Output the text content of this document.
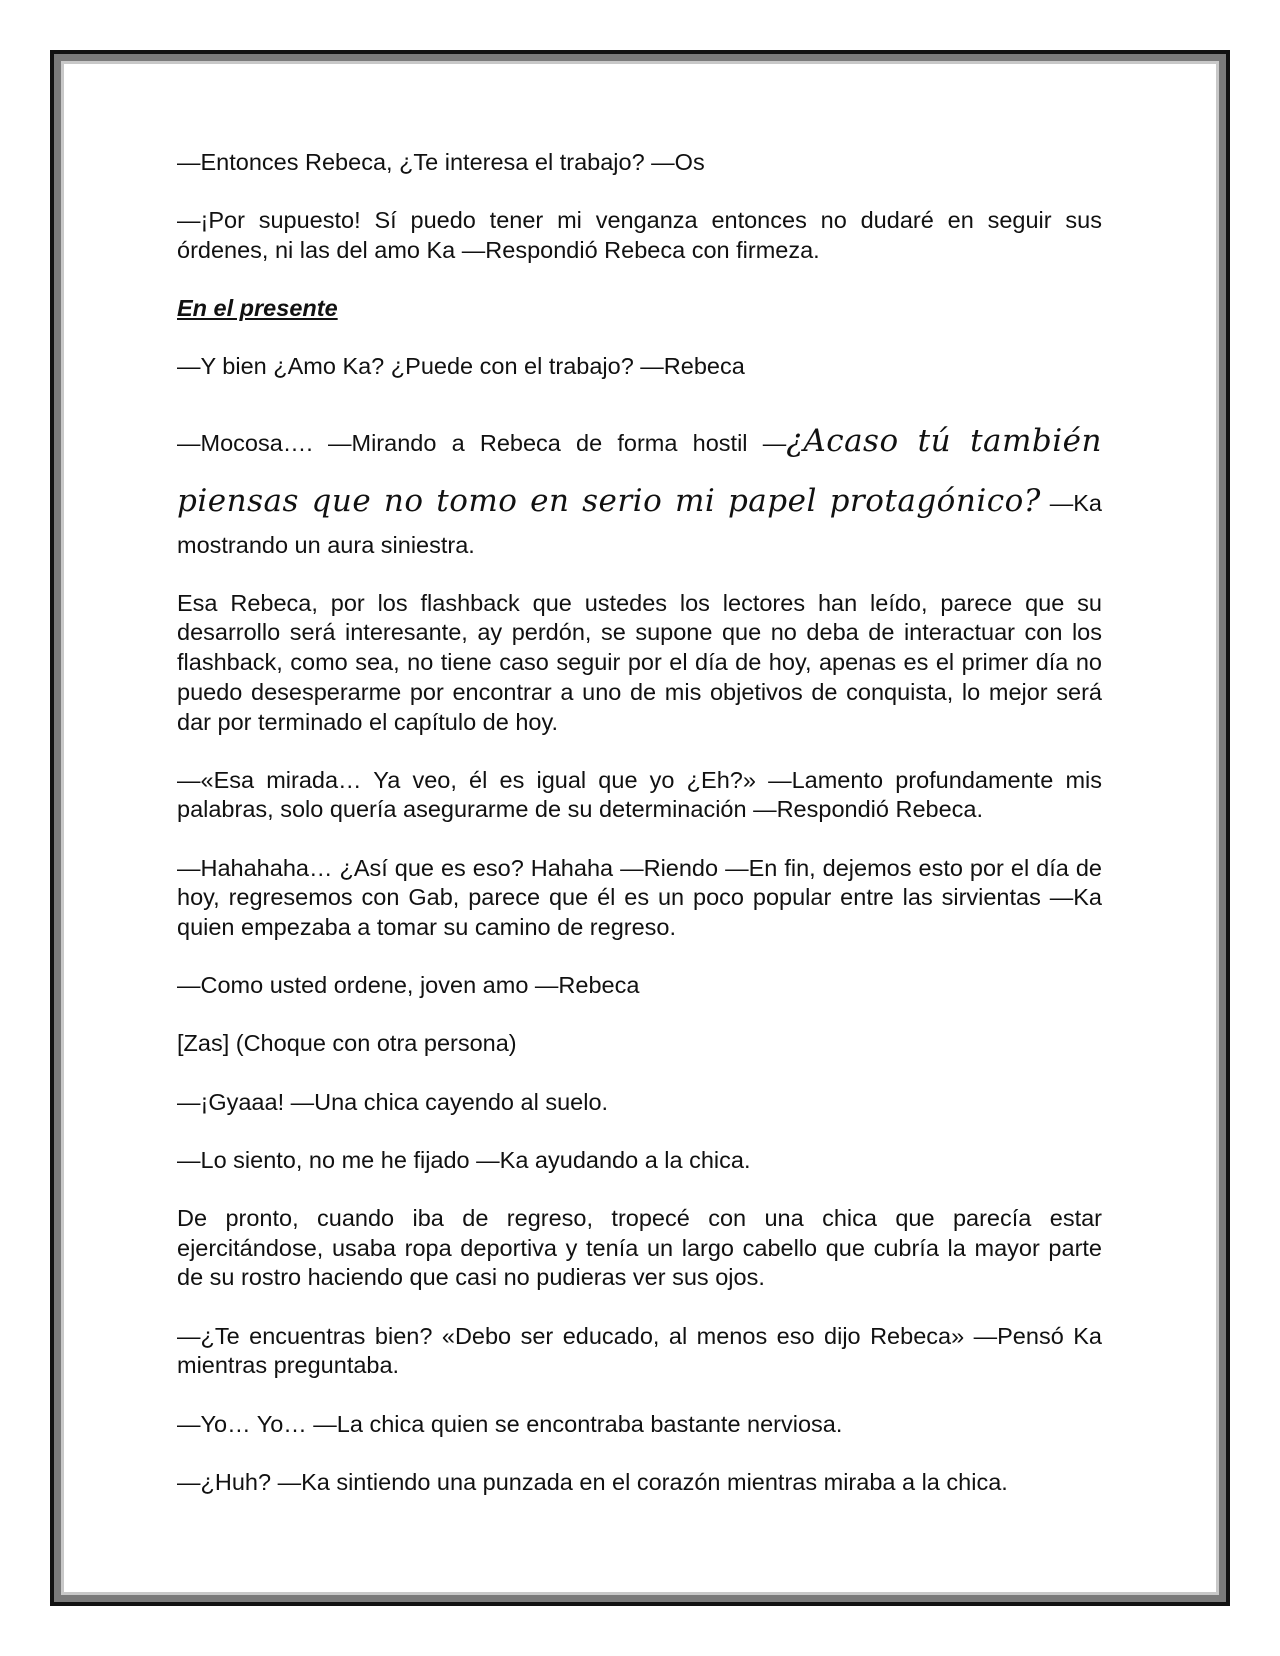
—Entonces Rebeca, ¿Te interesa el trabajo? —Os

—¡Por supuesto! Sí puedo tener mi venganza entonces no dudaré en seguir sus órdenes, ni las del amo Ka —Respondió Rebeca con firmeza.

En el presente

—Y bien ¿Amo Ka? ¿Puede con el trabajo? —Rebeca

—Mocosa…. —Mirando a Rebeca de forma hostil —¿Acaso tú también piensas que no tomo en serio mi papel protagónico? —Ka mostrando un aura siniestra.

Esa Rebeca, por los flashback que ustedes los lectores han leído, parece que su desarrollo será interesante, ay perdón, se supone que no deba de interactuar con los flashback, como sea, no tiene caso seguir por el día de hoy, apenas es el primer día no puedo desesperarme por encontrar a uno de mis objetivos de conquista, lo mejor será dar por terminado el capítulo de hoy.

—«Esa mirada… Ya veo, él es igual que yo ¿Eh?» —Lamento profundamente mis palabras, solo quería asegurarme de su determinación —Respondió Rebeca.

—Hahahaha… ¿Así que es eso? Hahaha —Riendo —En fin, dejemos esto por el día de hoy, regresemos con Gab, parece que él es un poco popular entre las sirvientas —Ka quien empezaba a tomar su camino de regreso.

—Como usted ordene, joven amo —Rebeca

[Zas] (Choque con otra persona)

—¡Gyaaa! —Una chica cayendo al suelo.

—Lo siento, no me he fijado —Ka ayudando a la chica.

De pronto, cuando iba de regreso, tropecé con una chica que parecía estar ejercitándose, usaba ropa deportiva y tenía un largo cabello que cubría la mayor parte de su rostro haciendo que casi no pudieras ver sus ojos.

—¿Te encuentras bien? «Debo ser educado, al menos eso dijo Rebeca» —Pensó Ka mientras preguntaba.

—Yo… Yo… —La chica quien se encontraba bastante nerviosa.

—¿Huh? —Ka sintiendo una punzada en el corazón mientras miraba a la chica.
